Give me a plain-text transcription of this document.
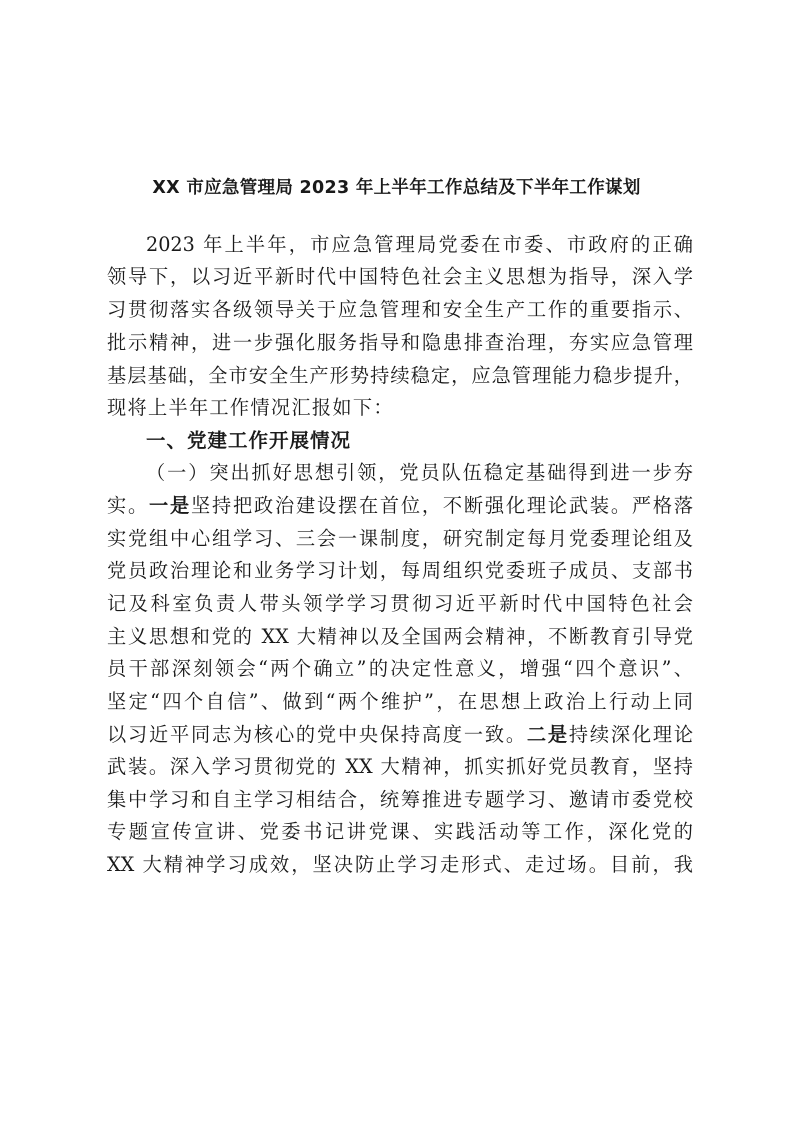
XX 市应急管理局 2023 年上半年工作总结及下半年工作谋划
2023 年上半年，市应急管理局党委在市委、市政府的正确
领导下，以习近平新时代中国特色社会主义思想为指导，深入学
习贯彻落实各级领导关于应急管理和安全生产工作的重要指示、
批示精神，进一步强化服务指导和隐患排查治理，夯实应急管理
基层基础，全市安全生产形势持续稳定，应急管理能力稳步提升，
现将上半年工作情况汇报如下：
一、党建工作开展情况
（一）突出抓好思想引领，党员队伍稳定基础得到进一步夯
实。一是坚持把政治建设摆在首位，不断强化理论武装。严格落
实党组中心组学习、三会一课制度，研究制定每月党委理论组及
党员政治理论和业务学习计划，每周组织党委班子成员、支部书
记及科室负责人带头领学学习贯彻习近平新时代中国特色社会
主义思想和党的 XX 大精神以及全国两会精神，不断教育引导党
员干部深刻领会“两个确立”的决定性意义，增强“四个意识”、
坚定“四个自信”、做到“两个维护”，在思想上政治上行动上同
以习近平同志为核心的党中央保持高度一致。二是持续深化理论
武装。深入学习贯彻党的 XX 大精神，抓实抓好党员教育，坚持
集中学习和自主学习相结合，统筹推进专题学习、邀请市委党校
专题宣传宣讲、党委书记讲党课、实践活动等工作，深化党的
XX 大精神学习成效，坚决防止学习走形式、走过场。目前，我
